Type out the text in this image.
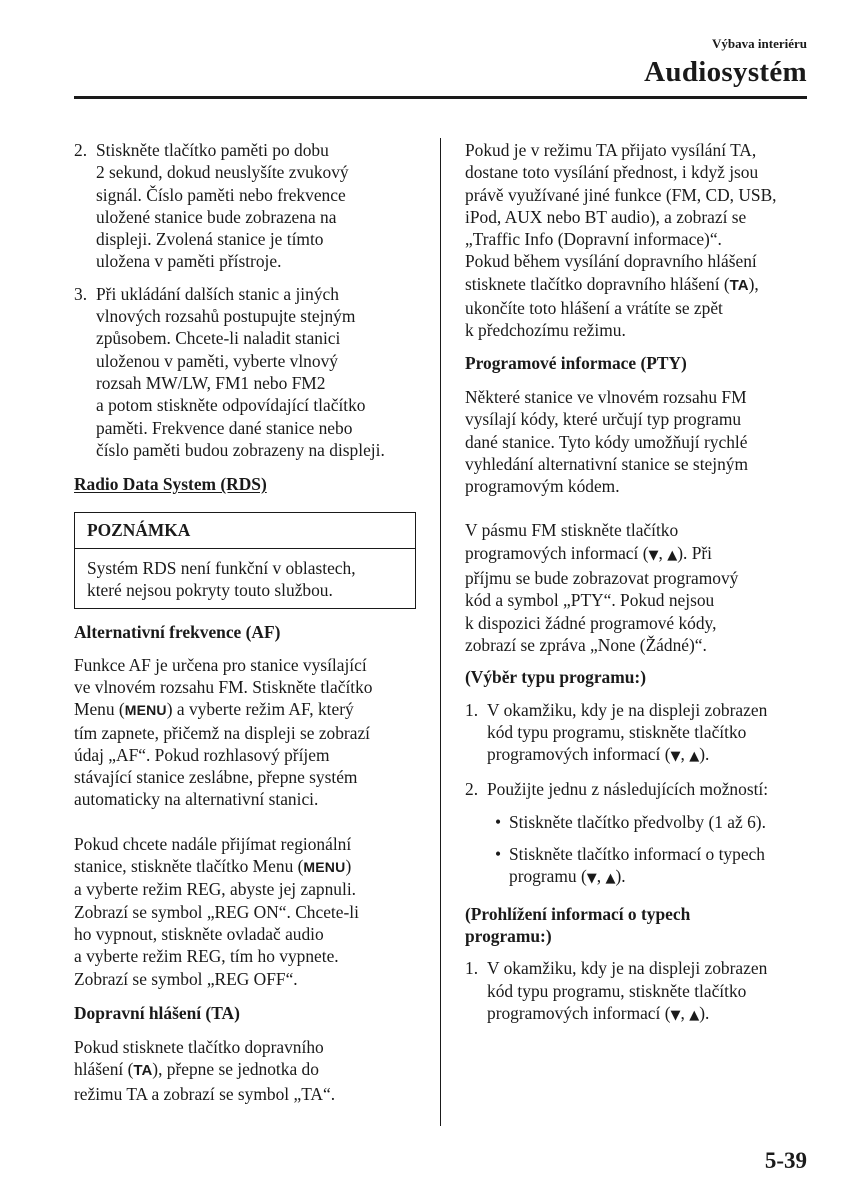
Výbava interiéru
Audiosystém
2. Stiskněte tlačítko paměti po dobu
2 sekund, dokud neuslyšíte zvukový
signál. Číslo paměti nebo frekvence
uložené stanice bude zobrazena na
displeji. Zvolená stanice je tímto
uložena v paměti přístroje.
3. Při ukládání dalších stanic a jiných
vlnových rozsahů postupujte stejným
způsobem. Chcete-li naladit stanici
uloženou v paměti, vyberte vlnový
rozsah MW/LW, FM1 nebo FM2
a potom stiskněte odpovídající tlačítko
paměti. Frekvence dané stanice nebo
číslo paměti budou zobrazeny na displeji.

Radio Data System (RDS)

POZNÁMKA
Systém RDS není funkční v oblastech,
které nejsou pokryty touto službou.

Alternativní frekvence (AF)

Funkce AF je určena pro stanice vysílající
ve vlnovém rozsahu FM. Stiskněte tlačítko
Menu (MENU) a vyberte režim AF, který
tím zapnete, přičemž na displeji se zobrazí
údaj „AF“. Pokud rozhlasový příjem
stávající stanice zeslábne, přepne systém
automaticky na alternativní stanici.

Pokud chcete nadále přijímat regionální
stanice, stiskněte tlačítko Menu (MENU)
a vyberte režim REG, abyste jej zapnuli.
Zobrazí se symbol „REG ON“. Chcete-li
ho vypnout, stiskněte ovladač audio
a vyberte režim REG, tím ho vypnete.
Zobrazí se symbol „REG OFF“.

Dopravní hlášení (TA)

Pokud stisknete tlačítko dopravního
hlášení (TA), přepne se jednotka do
režimu TA a zobrazí se symbol „TA“.

Pokud je v režimu TA přijato vysílání TA,
dostane toto vysílání přednost, i když jsou
právě využívané jiné funkce (FM, CD, USB,
iPod, AUX nebo BT audio), a zobrazí se
„Traffic Info (Dopravní informace)“.
Pokud během vysílání dopravního hlášení
stisknete tlačítko dopravního hlášení (TA),
ukončíte toto hlášení a vrátíte se zpět
k předchozímu režimu.

Programové informace (PTY)

Některé stanice ve vlnovém rozsahu FM
vysílají kódy, které určují typ programu
dané stanice. Tyto kódy umožňují rychlé
vyhledání alternativní stanice se stejným
programovým kódem.

V pásmu FM stiskněte tlačítko
programových informací (▼, ▲). Při
příjmu se bude zobrazovat programový
kód a symbol „PTY“. Pokud nejsou
k dispozici žádné programové kódy,
zobrazí se zpráva „None (Žádné)“.

(Výběr typu programu:)

1. V okamžiku, kdy je na displeji zobrazen
kód typu programu, stiskněte tlačítko
programových informací (▼, ▲).
2. Použijte jednu z následujících možností:
• Stiskněte tlačítko předvolby (1 až 6).
• Stiskněte tlačítko informací o typech
programu (▼, ▲).

(Prohlížení informací o typech
programu:)

1. V okamžiku, kdy je na displeji zobrazen
kód typu programu, stiskněte tlačítko
programových informací (▼, ▲).
5-39
